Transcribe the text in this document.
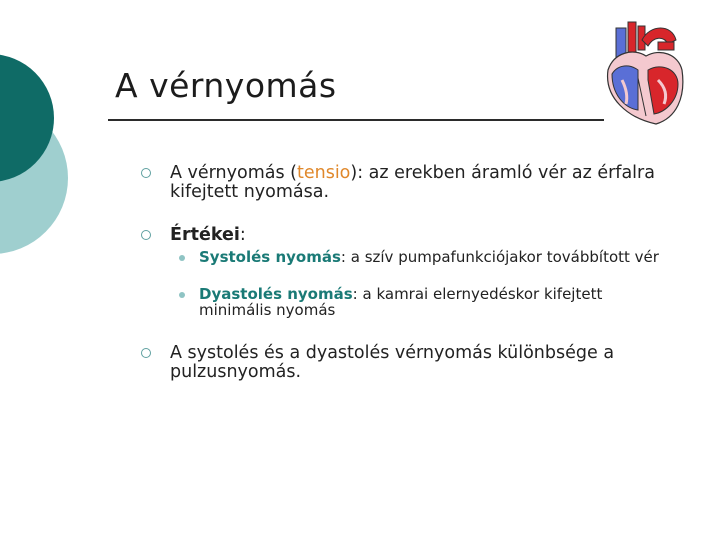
A vérnyomás
A vérnyomás (tensio): az erekben áramló vér az érfalra kifejtett nyomása.
Értékei:
Systolés nyomás: a szív pumpafunkciójakor továbbított vér
Dyastolés nyomás: a kamrai elernyedéskor kifejtett minimális nyomás
A systolés és a dyastolés vérnyomás különbsége a pulzusnyomás.
